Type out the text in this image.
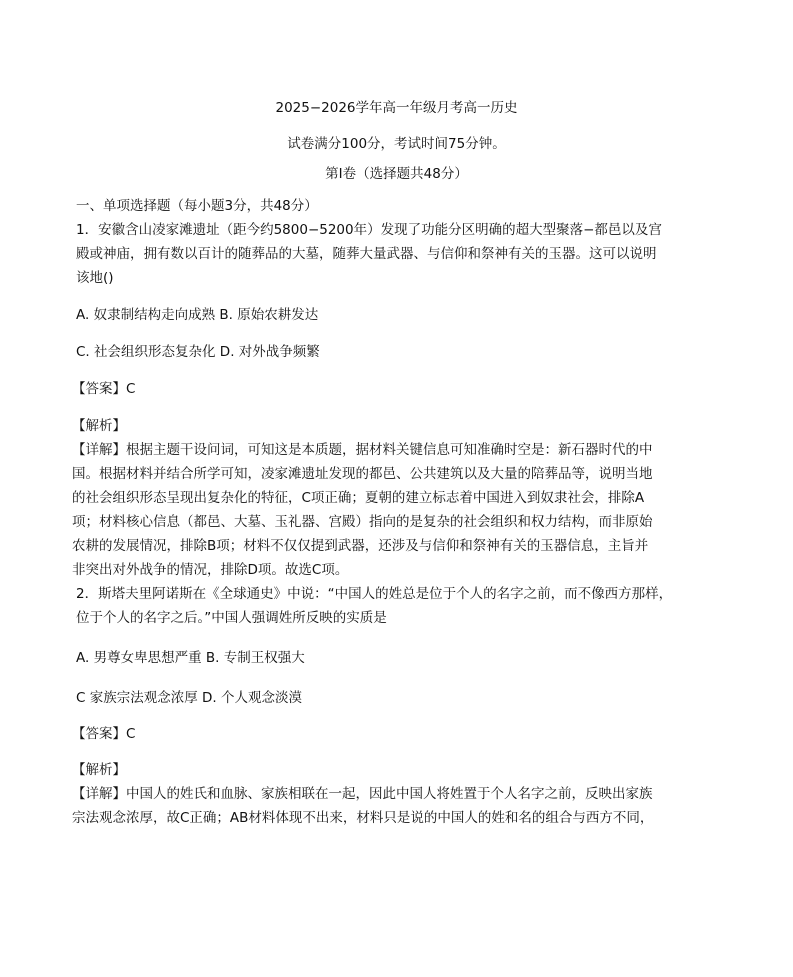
2025−2026学年高一年级月考高一历史
试卷满分100分，考试时间75分钟。
第Ⅰ卷（选择题共48分）
一、单项选择题（每小题3分，共48分）
1．安徽含山凌家滩遗址（距今约5800−5200年）发现了功能分区明确的超大型聚落−都邑以及宫
殿或神庙，拥有数以百计的随葬品的大墓，随葬大量武器、与信仰和祭神有关的玉器。这可以说明
该地()
A. 奴隶制结构走向成熟 B. 原始农耕发达
C. 社会组织形态复杂化 D. 对外战争频繁
【答案】C
【解析】
【详解】根据主题干设问词，可知这是本质题，据材料关键信息可知准确时空是：新石器时代的中
国。根据材料并结合所学可知，凌家滩遗址发现的都邑、公共建筑以及大量的陪葬品等，说明当地
的社会组织形态呈现出复杂化的特征，C项正确；夏朝的建立标志着中国进入到奴隶社会，排除A
项；材料核心信息（都邑、大墓、玉礼器、宫殿）指向的是复杂的社会组织和权力结构，而非原始
农耕的发展情况，排除B项；材料不仅仅提到武器，还涉及与信仰和祭神有关的玉器信息，主旨并
非突出对外战争的情况，排除D项。故选C项。
2．斯塔夫里阿诺斯在《全球通史》中说：“中国人的姓总是位于个人的名字之前，而不像西方那样，
位于个人的名字之后。”中国人强调姓所反映的实质是
A. 男尊女卑思想严重 B. 专制王权强大
C 家族宗法观念浓厚 D. 个人观念淡漠
【答案】C
【解析】
【详解】中国人的姓氏和血脉、家族相联在一起，因此中国人将姓置于个人名字之前，反映出家族
宗法观念浓厚，故C正确；AB材料体现不出来，材料只是说的中国人的姓和名的组合与西方不同，
